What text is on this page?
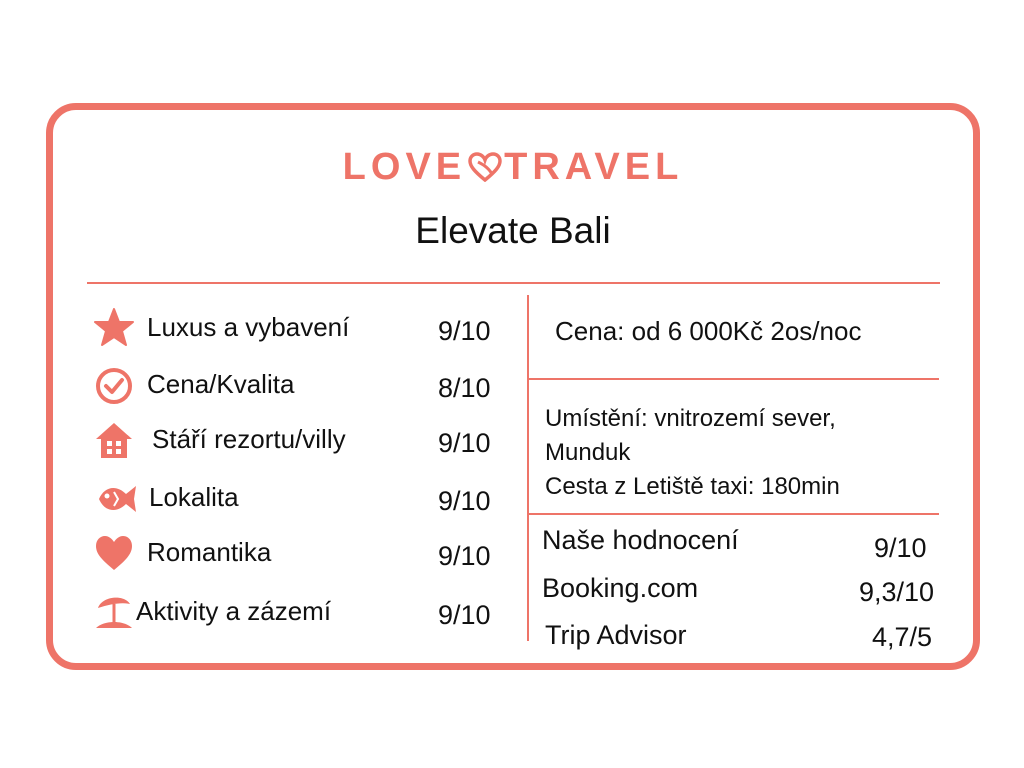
LOVE TRAVEL
Elevate Bali
Luxus a vybavení	9/10
Cena/Kvalita	8/10
Stáří rezortu/villy	9/10
Lokalita	9/10
Romantika	9/10
Aktivity a zázemí	9/10
Cena: od 6 000Kč 2os/noc
Umístění: vnitrozemí sever,
Munduk
Cesta z Letiště taxi: 180min
Naše hodnocení	9/10
Booking.com	9,3/10
Trip Advisor	4,7/5
